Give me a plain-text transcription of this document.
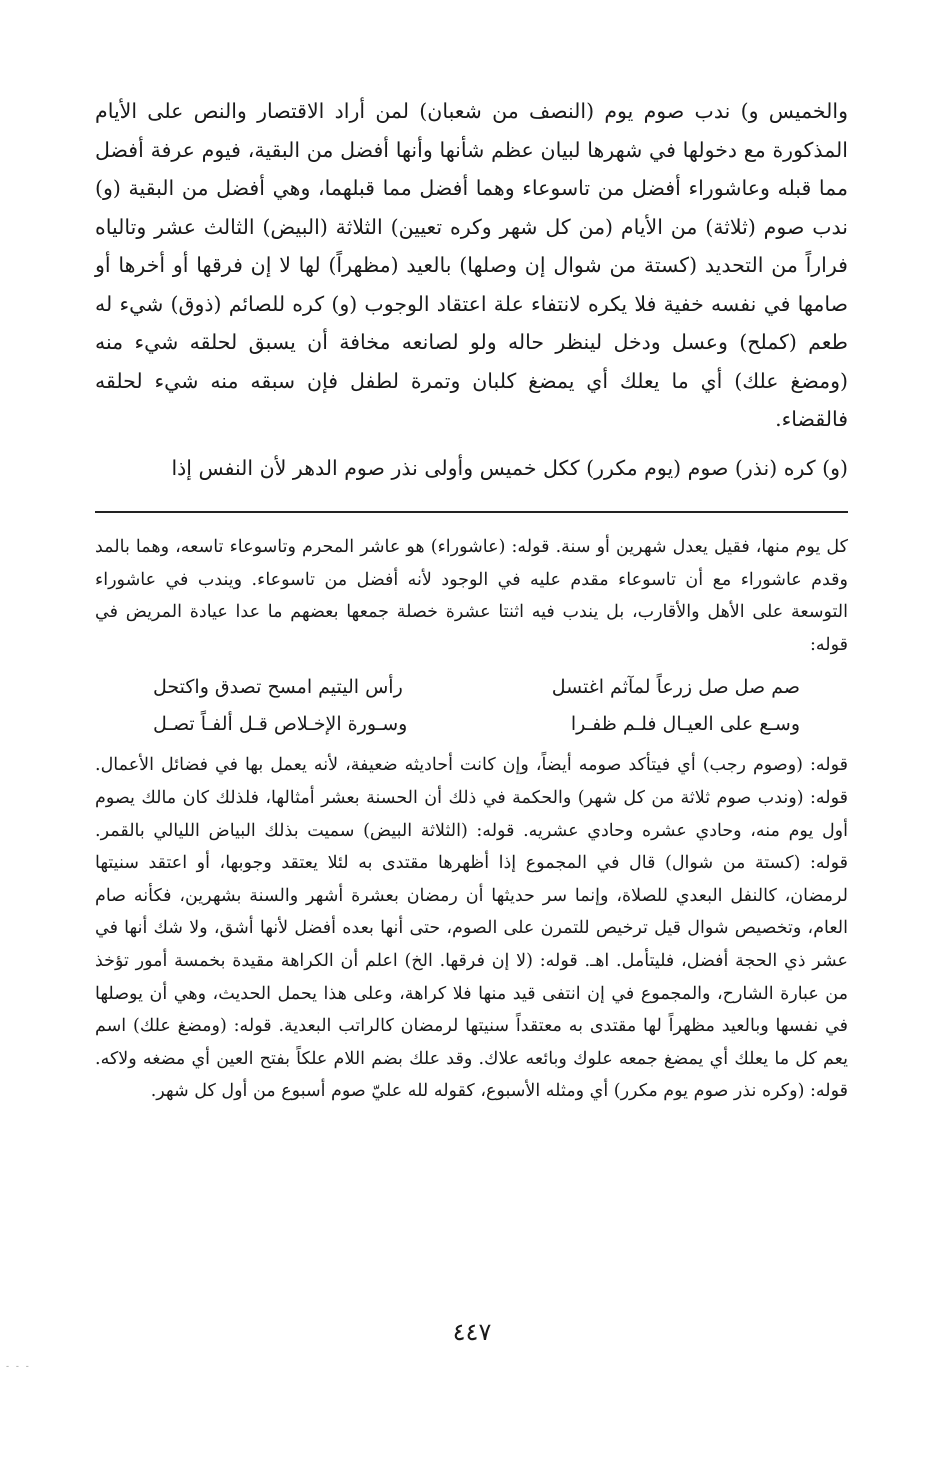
والخميس و) ندب صوم يوم (النصف من شعبان) لمن أراد الاقتصار والنص على الأيام المذكورة مع دخولها في شهرها لبيان عظم شأنها وأنها أفضل من البقية، فيوم عرفة أفضل مما قبله وعاشوراء أفضل من تاسوعاء وهما أفضل مما قبلهما، وهي أفضل من البقية (و) ندب صوم (ثلاثة) من الأيام (من كل شهر وكره تعيين) الثلاثة (البيض) الثالث عشر وتالياه فراراً من التحديد (كستة من شوال إن وصلها) بالعيد (مظهراً) لها لا إن فرقها أو أخرها أو صامها في نفسه خفية فلا يكره لانتفاء علة اعتقاد الوجوب (و) كره للصائم (ذوق) شيء له طعم (كملح) وعسل ودخل لينظر حاله ولو لصانعه مخافة أن يسبق لحلقه شيء منه (ومضغ علك) أي ما يعلك أي يمضغ كلبان وتمرة لطفل فإن سبقه منه شيء لحلقه فالقضاء.

(و) كره (نذر) صوم (يوم مكرر) ككل خميس وأولى نذر صوم الدهر لأن النفس إذا

كل يوم منها، فقيل يعدل شهرين أو سنة. قوله: (عاشوراء) هو عاشر المحرم وتاسوعاء تاسعه، وهما بالمد وقدم عاشوراء مع أن تاسوعاء مقدم عليه في الوجود لأنه أفضل من تاسوعاء. ويندب في عاشوراء التوسعة على الأهل والأقارب، بل يندب فيه اثنتا عشرة خصلة جمعها بعضهم ما عدا عيادة المريض في قوله:

صم صل صل زرعاً لمآثم اغتسل
رأس اليتيم امسح تصدق واكتحل
وسـع على العيـال فلـم ظفـرا
وسـورة الإخـلاص قـل ألفـاً تصـل

قوله: (وصوم رجب) أي فيتأكد صومه أيضاً، وإن كانت أحاديثه ضعيفة، لأنه يعمل بها في فضائل الأعمال. قوله: (وندب صوم ثلاثة من كل شهر) والحكمة في ذلك أن الحسنة بعشر أمثالها، فلذلك كان مالك يصوم أول يوم منه، وحادي عشره وحادي عشريه. قوله: (الثلاثة البيض) سميت بذلك البياض الليالي بالقمر. قوله: (كستة من شوال) قال في المجموع إذا أظهرها مقتدى به لئلا يعتقد وجوبها، أو اعتقد سنيتها لرمضان، كالنفل البعدي للصلاة، وإنما سر حديثها أن رمضان بعشرة أشهر والسنة بشهرين، فكأنه صام العام، وتخصيص شوال قيل ترخيص للتمرن على الصوم، حتى أنها بعده أفضل لأنها أشق، ولا شك أنها في عشر ذي الحجة أفضل، فليتأمل. اهـ. قوله: (لا إن فرقها. الخ) اعلم أن الكراهة مقيدة بخمسة أمور تؤخذ من عبارة الشارح، والمجموع في إن انتفى قيد منها فلا كراهة، وعلى هذا يحمل الحديث، وهي أن يوصلها في نفسها وبالعيد مظهراً لها مقتدى به معتقداً سنيتها لرمضان كالراتب البعدية. قوله: (ومضغ علك) اسم يعم كل ما يعلك أي يمضغ جمعه علوك وبائعه علاك. وقد علك بضم اللام علكاً بفتح العين أي مضغه ولاكه. قوله: (وكره نذر صوم يوم مكرر) أي ومثله الأسبوع، كقوله لله عليّ صوم أسبوع من أول كل شهر.

٤٤٧
- - -
